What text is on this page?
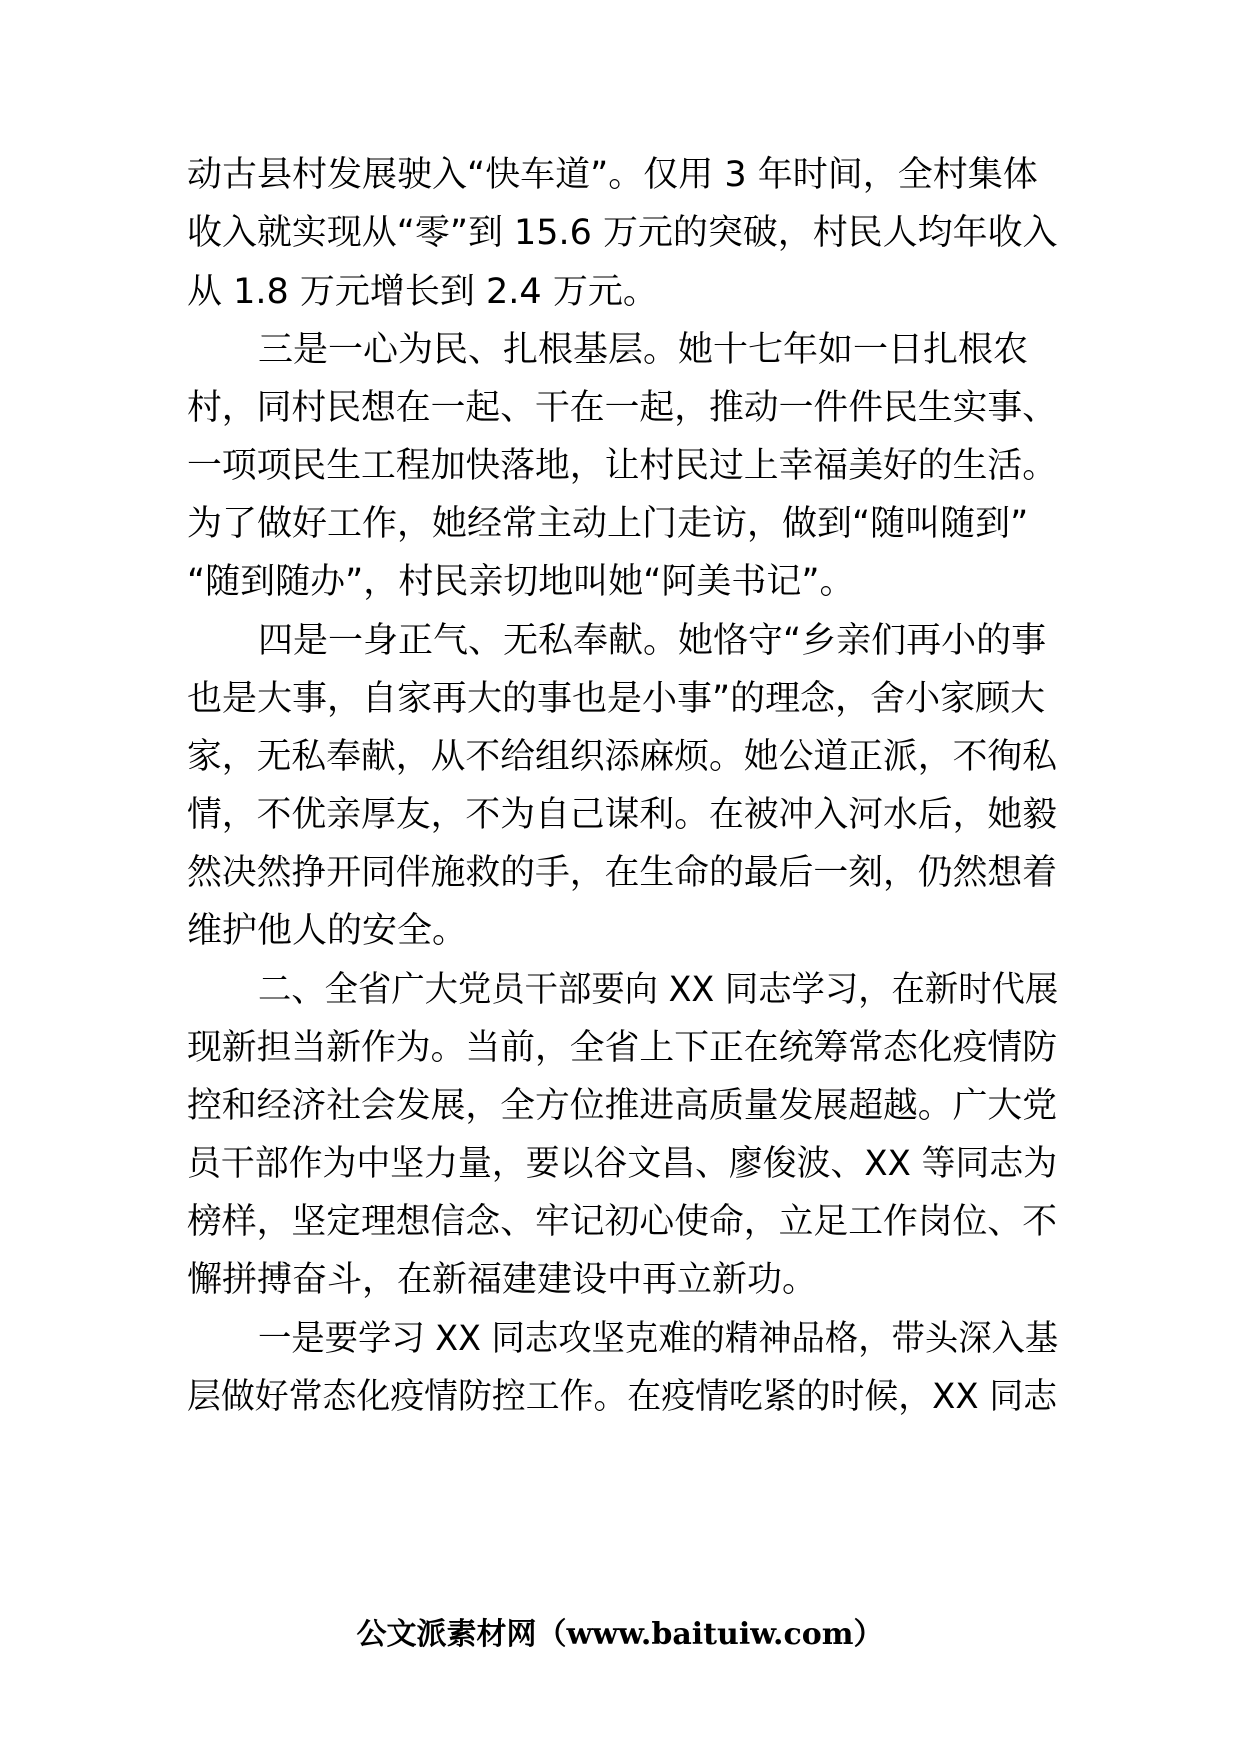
动古县村发展驶入“快车道”。仅用 3 年时间，全村集体
收入就实现从“零”到 15.6 万元的突破，村民人均年收入
从 1.8 万元增长到 2.4 万元。
三是一心为民、扎根基层。她十七年如一日扎根农
村，同村民想在一起、干在一起，推动一件件民生实事、
一项项民生工程加快落地，让村民过上幸福美好的生活。
为了做好工作，她经常主动上门走访，做到“随叫随到”
“随到随办”，村民亲切地叫她“阿美书记”。
四是一身正气、无私奉献。她恪守“乡亲们再小的事
也是大事，自家再大的事也是小事”的理念，舍小家顾大
家，无私奉献，从不给组织添麻烦。她公道正派，不徇私
情，不优亲厚友，不为自己谋利。在被冲入河水后，她毅
然决然挣开同伴施救的手，在生命的最后一刻，仍然想着
维护他人的安全。
二、全省广大党员干部要向 XX 同志学习，在新时代展
现新担当新作为。当前，全省上下正在统筹常态化疫情防
控和经济社会发展，全方位推进高质量发展超越。广大党
员干部作为中坚力量，要以谷文昌、廖俊波、XX 等同志为
榜样，坚定理想信念、牢记初心使命，立足工作岗位、不
懈拼搏奋斗，在新福建建设中再立新功。
一是要学习 XX 同志攻坚克难的精神品格，带头深入基
层做好常态化疫情防控工作。在疫情吃紧的时候，XX 同志
公文派素材网（www.baituiw.com）
